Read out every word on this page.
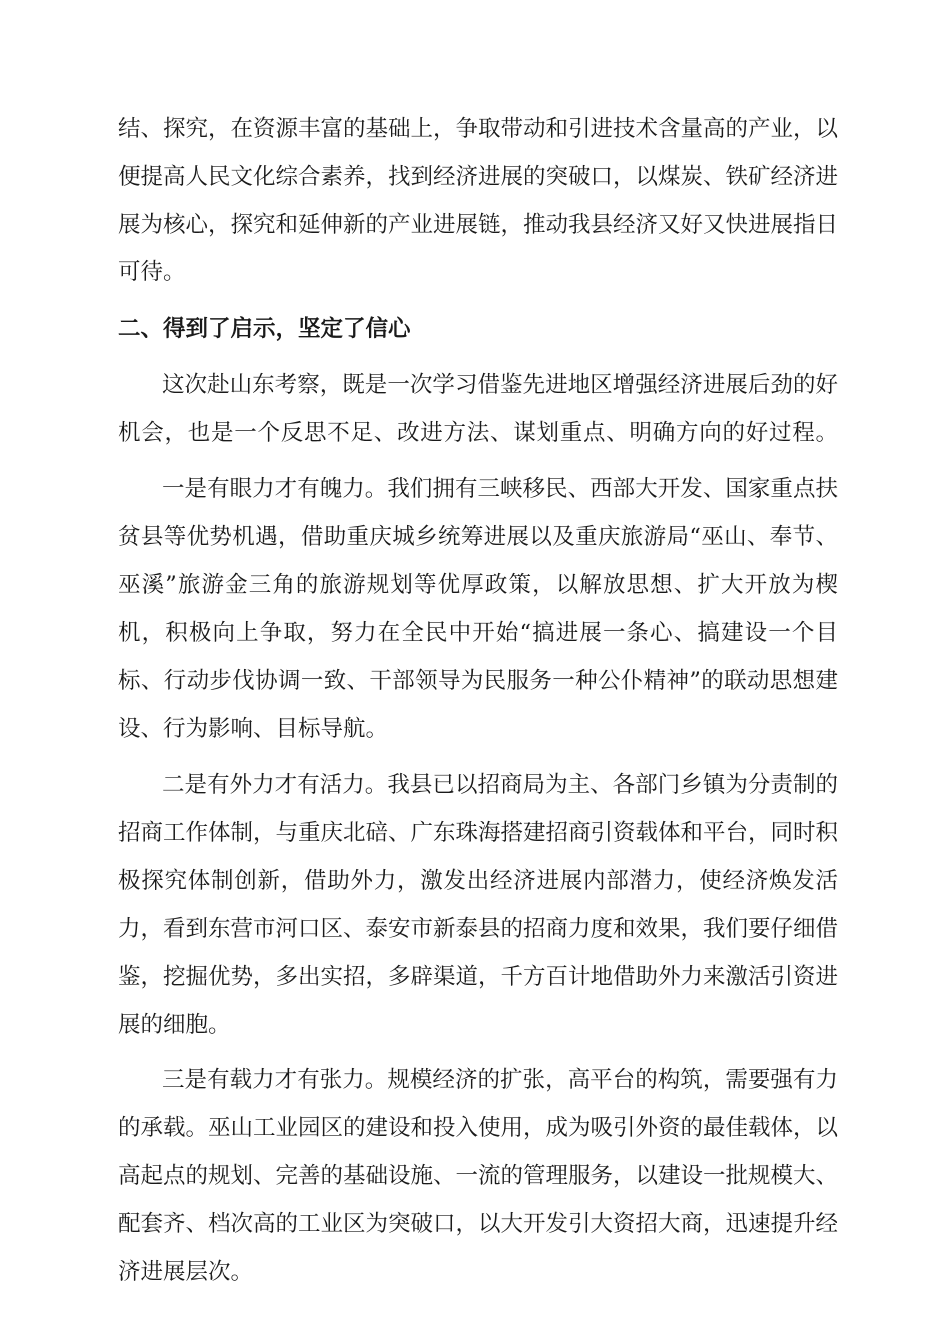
结、探究，在资源丰富的基础上，争取带动和引进技术含量高的产业，以
便提高人民文化综合素养，找到经济进展的突破口，以煤炭、铁矿经济进
展为核心，探究和延伸新的产业进展链，推动我县经济又好又快进展指日
可待。
二、得到了启示，坚定了信心
这次赴山东考察，既是一次学习借鉴先进地区增强经济进展后劲的好
机会，也是一个反思不足、改进方法、谋划重点、明确方向的好过程。
一是有眼力才有魄力。我们拥有三峡移民、西部大开发、国家重点扶
贫县等优势机遇，借助重庆城乡统筹进展以及重庆旅游局“巫山、奉节、
巫溪”旅游金三角的旅游规划等优厚政策，以解放思想、扩大开放为楔
机，积极向上争取，努力在全民中开始“搞进展一条心、搞建设一个目
标、行动步伐协调一致、干部领导为民服务一种公仆精神”的联动思想建
设、行为影响、目标导航。
二是有外力才有活力。我县已以招商局为主、各部门乡镇为分责制的
招商工作体制，与重庆北碚、广东珠海搭建招商引资载体和平台，同时积
极探究体制创新，借助外力，激发出经济进展内部潜力，使经济焕发活
力，看到东营市河口区、泰安市新泰县的招商力度和效果，我们要仔细借
鉴，挖掘优势，多出实招，多辟渠道，千方百计地借助外力来激活引资进
展的细胞。
三是有载力才有张力。规模经济的扩张，高平台的构筑，需要强有力
的承载。巫山工业园区的建设和投入使用，成为吸引外资的最佳载体，以
高起点的规划、完善的基础设施、一流的管理服务，以建设一批规模大、
配套齐、档次高的工业区为突破口，以大开发引大资招大商，迅速提升经
济进展层次。
